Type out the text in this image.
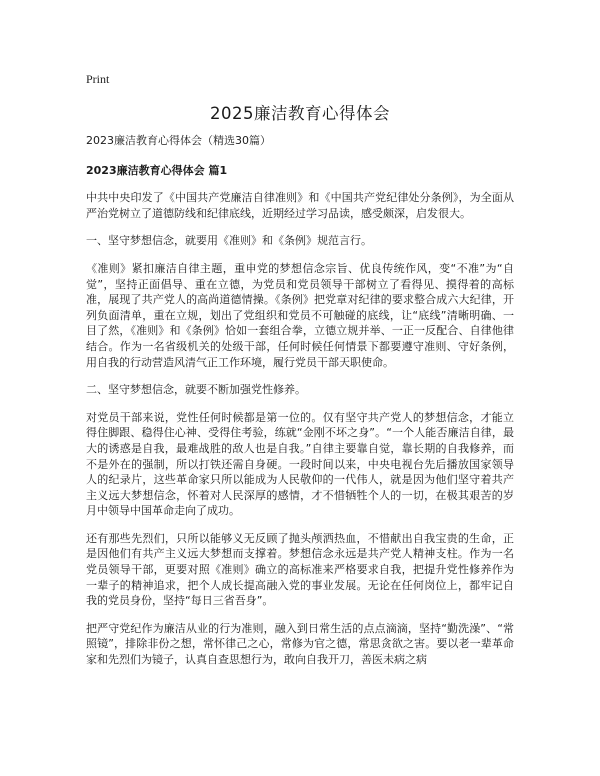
Print
2025廉洁教育心得体会

2023廉洁教育心得体会（精选30篇）

2023廉洁教育心得体会 篇1

中共中央印发了《中国共产党廉洁自律准则》和《中国共产党纪律处分条例》，为全面从严治党树立了道德防线和纪律底线，近期经过学习品读，感受颇深，启发很大。

一、坚守梦想信念，就要用《准则》和《条例》规范言行。

《准则》紧扣廉洁自律主题，重申党的梦想信念宗旨、优良传统作风，变“不准”为“自觉”，坚持正面倡导、重在立德，为党员和党员领导干部树立了看得见、摸得着的高标准，展现了共产党人的高尚道德情操。《条例》把党章对纪律的要求整合成六大纪律，开列负面清单，重在立规，划出了党组织和党员不可触碰的底线，让“底线”清晰明确、一目了然，《准则》和《条例》恰如一套组合拳，立德立规并举、一正一反配合、自律他律结合。作为一名省级机关的处级干部，任何时候任何情景下都要遵守准则、守好条例，用自我的行动营造风清气正工作环境，履行党员干部天职使命。

二、坚守梦想信念，就要不断加强党性修养。

对党员干部来说，党性任何时候都是第一位的。仅有坚守共产党人的梦想信念，才能立得住脚跟、稳得住心神、受得住考验，练就“金刚不坏之身”。“一个人能否廉洁自律，最大的诱惑是自我，最难战胜的敌人也是自我。”自律主要靠自觉，靠长期的自我修养，而不是外在的强制，所以打铁还需自身硬。一段时间以来，中央电视台先后播放国家领导人的纪录片，这些革命家只所以能成为人民敬仰的一代伟人，就是因为他们坚守着共产主义远大梦想信念，怀着对人民深厚的感情，才不惜牺牲个人的一切，在极其艰苦的岁月中领导中国革命走向了成功。

还有那些先烈们，只所以能够义无反顾了抛头颅洒热血，不惜献出自我宝贵的生命，正是因他们有共产主义远大梦想而支撑着。梦想信念永远是共产党人精神支柱。作为一名党员领导干部，更要对照《准则》确立的高标准来严格要求自我，把提升党性修养作为一辈子的精神追求，把个人成长提高融入党的事业发展。无论在任何岗位上，都牢记自我的党员身份，坚持“每日三省吾身”。

把严守党纪作为廉洁从业的行为准则，融入到日常生活的点点滴滴，坚持“勤洗澡”、“常照镜”，排除非份之想，常怀律己之心，常修为官之德，常思贪欲之害。要以老一辈革命家和先烈们为镜子，认真自查思想行为，敢向自我开刀，善医未病之病
